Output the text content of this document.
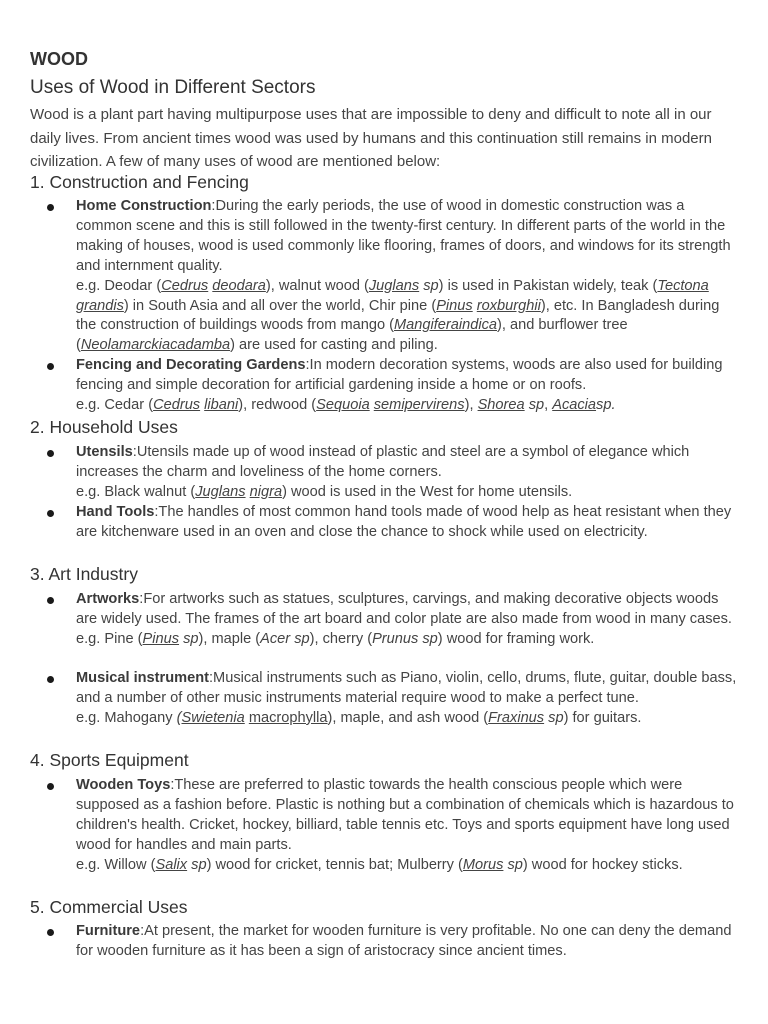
WOOD
Uses of Wood in Different Sectors

Wood is a plant part having multipurpose uses that are impossible to deny and difficult to note all in our daily lives. From ancient times wood was used by humans and this continuation still remains in modern civilization. A few of many uses of wood are mentioned below:

1. Construction and Fencing

Home Construction:During the early periods, the use of wood in domestic construction was a common scene and this is still followed in the twenty-first century. In different parts of the world in the making of houses, wood is used commonly like flooring, frames of doors, and windows for its strength and internment quality.
e.g. Deodar (Cedrus deodara), walnut wood (Juglans sp) is used in Pakistan widely, teak (Tectona grandis) in South Asia and all over the world, Chir pine (Pinus roxburghii), etc. In Bangladesh during the construction of buildings woods from mango (Mangiferaindica), and burflower tree (Neolamarckiacadamba) are used for casting and piling.

Fencing and Decorating Gardens:In modern decoration systems, woods are also used for building fencing and simple decoration for artificial gardening inside a home or on roofs.
e.g. Cedar (Cedrus libani), redwood (Sequoia semipervirens), Shorea sp, Acaciasp.

2. Household Uses

Utensils:Utensils made up of wood instead of plastic and steel are a symbol of elegance which increases the charm and loveliness of the home corners.
e.g. Black walnut (Juglans nigra) wood is used in the West for home utensils.

Hand Tools:The handles of most common hand tools made of wood help as heat resistant when they are kitchenware used in an oven and close the chance to shock while used on electricity.

3. Art Industry

Artworks:For artworks such as statues, sculptures, carvings, and making decorative objects woods are widely used. The frames of the art board and color plate are also made from wood in many cases.
e.g. Pine (Pinus sp), maple (Acer sp), cherry (Prunus sp) wood for framing work.

Musical instrument:Musical instruments such as Piano, violin, cello, drums, flute, guitar, double bass, and a number of other music instruments material require wood to make a perfect tune.
e.g. Mahogany (Swietenia macrophylla), maple, and ash wood (Fraxinus sp) for guitars.

4. Sports Equipment

Wooden Toys:These are preferred to plastic towards the health conscious people which were supposed as a fashion before. Plastic is nothing but a combination of chemicals which is hazardous to children's health. Cricket, hockey, billiard, table tennis etc. Toys and sports equipment have long used wood for handles and main parts.
e.g. Willow (Salix sp) wood for cricket, tennis bat; Mulberry (Morus sp) wood for hockey sticks.

5. Commercial Uses

Furniture:At present, the market for wooden furniture is very profitable. No one can deny the demand for wooden furniture as it has been a sign of aristocracy since ancient times.
